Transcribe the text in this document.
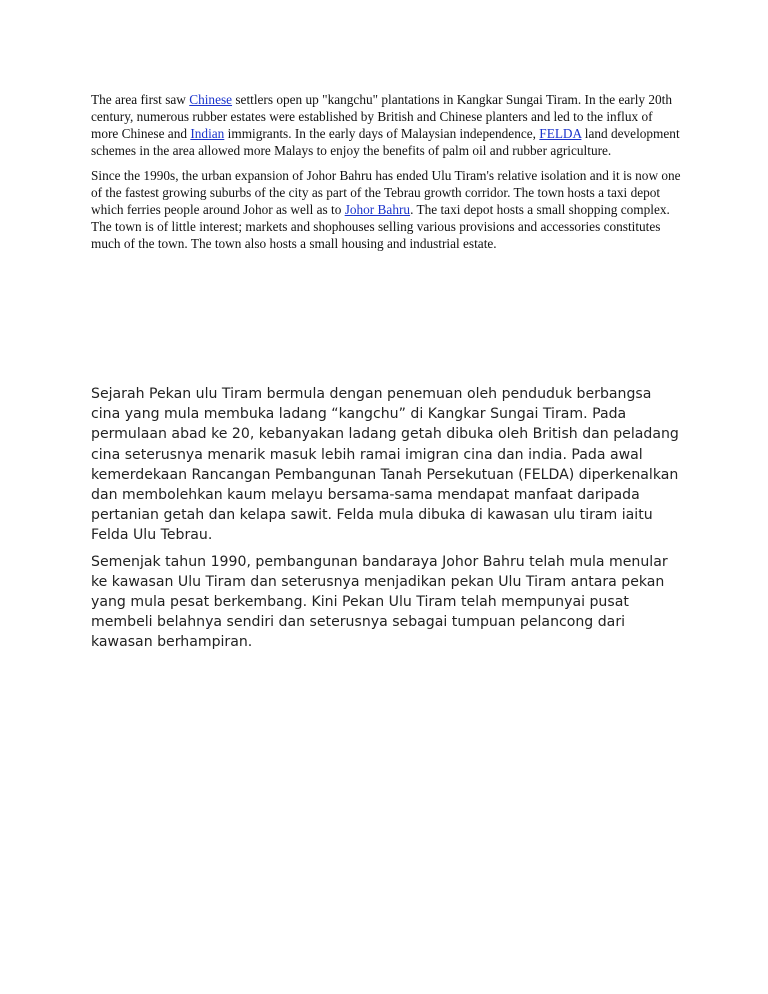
The area first saw Chinese settlers open up "kangchu" plantations in Kangkar Sungai Tiram. In the early 20th century, numerous rubber estates were established by British and Chinese planters and led to the influx of more Chinese and Indian immigrants. In the early days of Malaysian independence, FELDA land development schemes in the area allowed more Malays to enjoy the benefits of palm oil and rubber agriculture.

Since the 1990s, the urban expansion of Johor Bahru has ended Ulu Tiram's relative isolation and it is now one of the fastest growing suburbs of the city as part of the Tebrau growth corridor. The town hosts a taxi depot which ferries people around Johor as well as to Johor Bahru. The taxi depot hosts a small shopping complex. The town is of little interest; markets and shophouses selling various provisions and accessories constitutes much of the town. The town also hosts a small housing and industrial estate.

Sejarah Pekan ulu Tiram bermula dengan penemuan oleh penduduk berbangsa cina yang mula membuka ladang “kangchu” di Kangkar Sungai Tiram. Pada permulaan abad ke 20, kebanyakan ladang getah dibuka oleh British dan peladang cina seterusnya menarik masuk lebih ramai imigran cina dan india. Pada awal kemerdekaan Rancangan Pembangunan Tanah Persekutuan (FELDA) diperkenalkan dan membolehkan kaum melayu bersama-sama mendapat manfaat daripada pertanian getah dan kelapa sawit. Felda mula dibuka di kawasan ulu tiram iaitu Felda Ulu Tebrau.

Semenjak tahun 1990, pembangunan bandaraya Johor Bahru telah mula menular ke kawasan Ulu Tiram dan seterusnya menjadikan pekan Ulu Tiram antara pekan yang mula pesat berkembang. Kini Pekan Ulu Tiram telah mempunyai pusat membeli belahnya sendiri dan seterusnya sebagai tumpuan pelancong dari kawasan berhampiran.
